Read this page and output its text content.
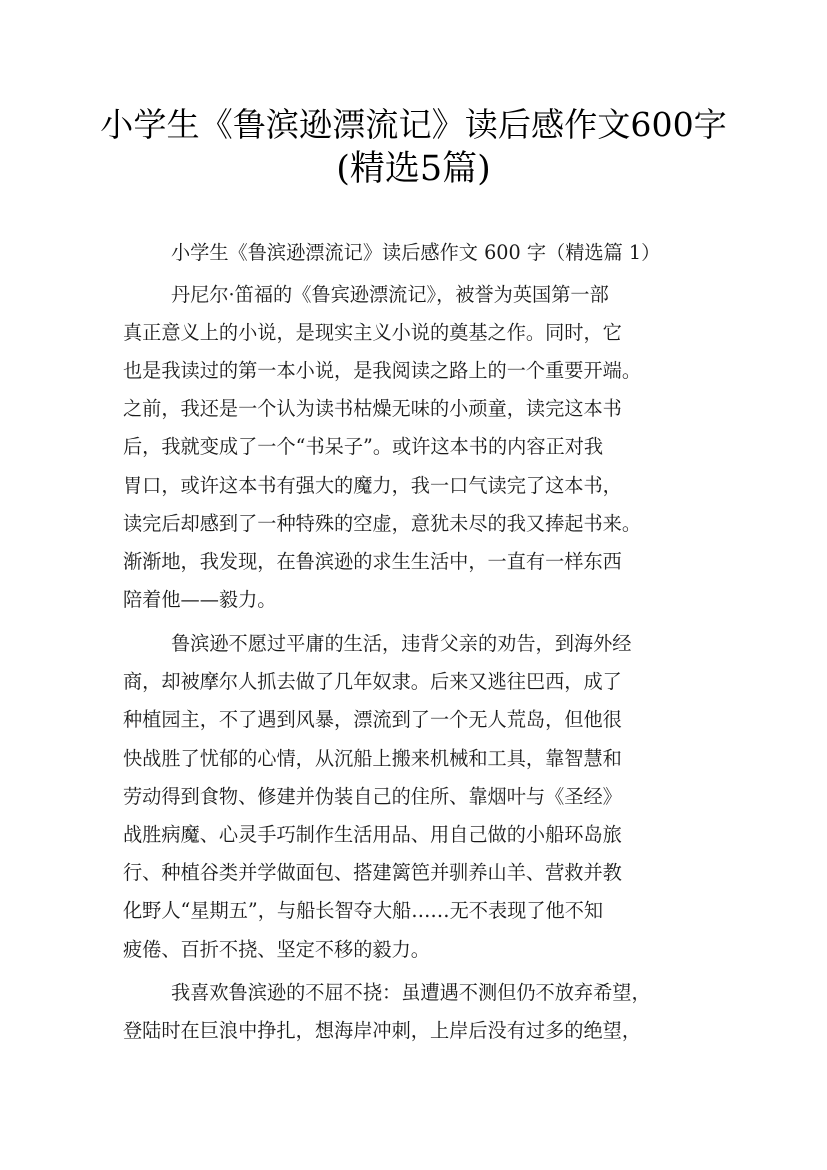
小学生《鲁滨逊漂流记》读后感作文600字
(精选5篇)
小学生《鲁滨逊漂流记》读后感作文 600 字（精选篇 1）
丹尼尔·笛福的《鲁宾逊漂流记》，被誉为英国第一部
真正意义上的小说，是现实主义小说的奠基之作。同时，它
也是我读过的第一本小说，是我阅读之路上的一个重要开端。
之前，我还是一个认为读书枯燥无味的小顽童，读完这本书
后，我就变成了一个“书呆子”。或许这本书的内容正对我
胃口，或许这本书有强大的魔力，我一口气读完了这本书，
读完后却感到了一种特殊的空虚，意犹未尽的我又捧起书来。
渐渐地，我发现，在鲁滨逊的求生生活中，一直有一样东西
陪着他——毅力。
鲁滨逊不愿过平庸的生活，违背父亲的劝告，到海外经
商，却被摩尔人抓去做了几年奴隶。后来又逃往巴西，成了
种植园主，不了遇到风暴，漂流到了一个无人荒岛，但他很
快战胜了忧郁的心情，从沉船上搬来机械和工具，靠智慧和
劳动得到食物、修建并伪装自己的住所、靠烟叶与《圣经》
战胜病魔、心灵手巧制作生活用品、用自己做的小船环岛旅
行、种植谷类并学做面包、搭建篱笆并驯养山羊、营救并教
化野人“星期五”，与船长智夺大船……无不表现了他不知
疲倦、百折不挠、坚定不移的毅力。
我喜欢鲁滨逊的不屈不挠：虽遭遇不测但仍不放弃希望，
登陆时在巨浪中挣扎，想海岸冲刺，上岸后没有过多的绝望，
